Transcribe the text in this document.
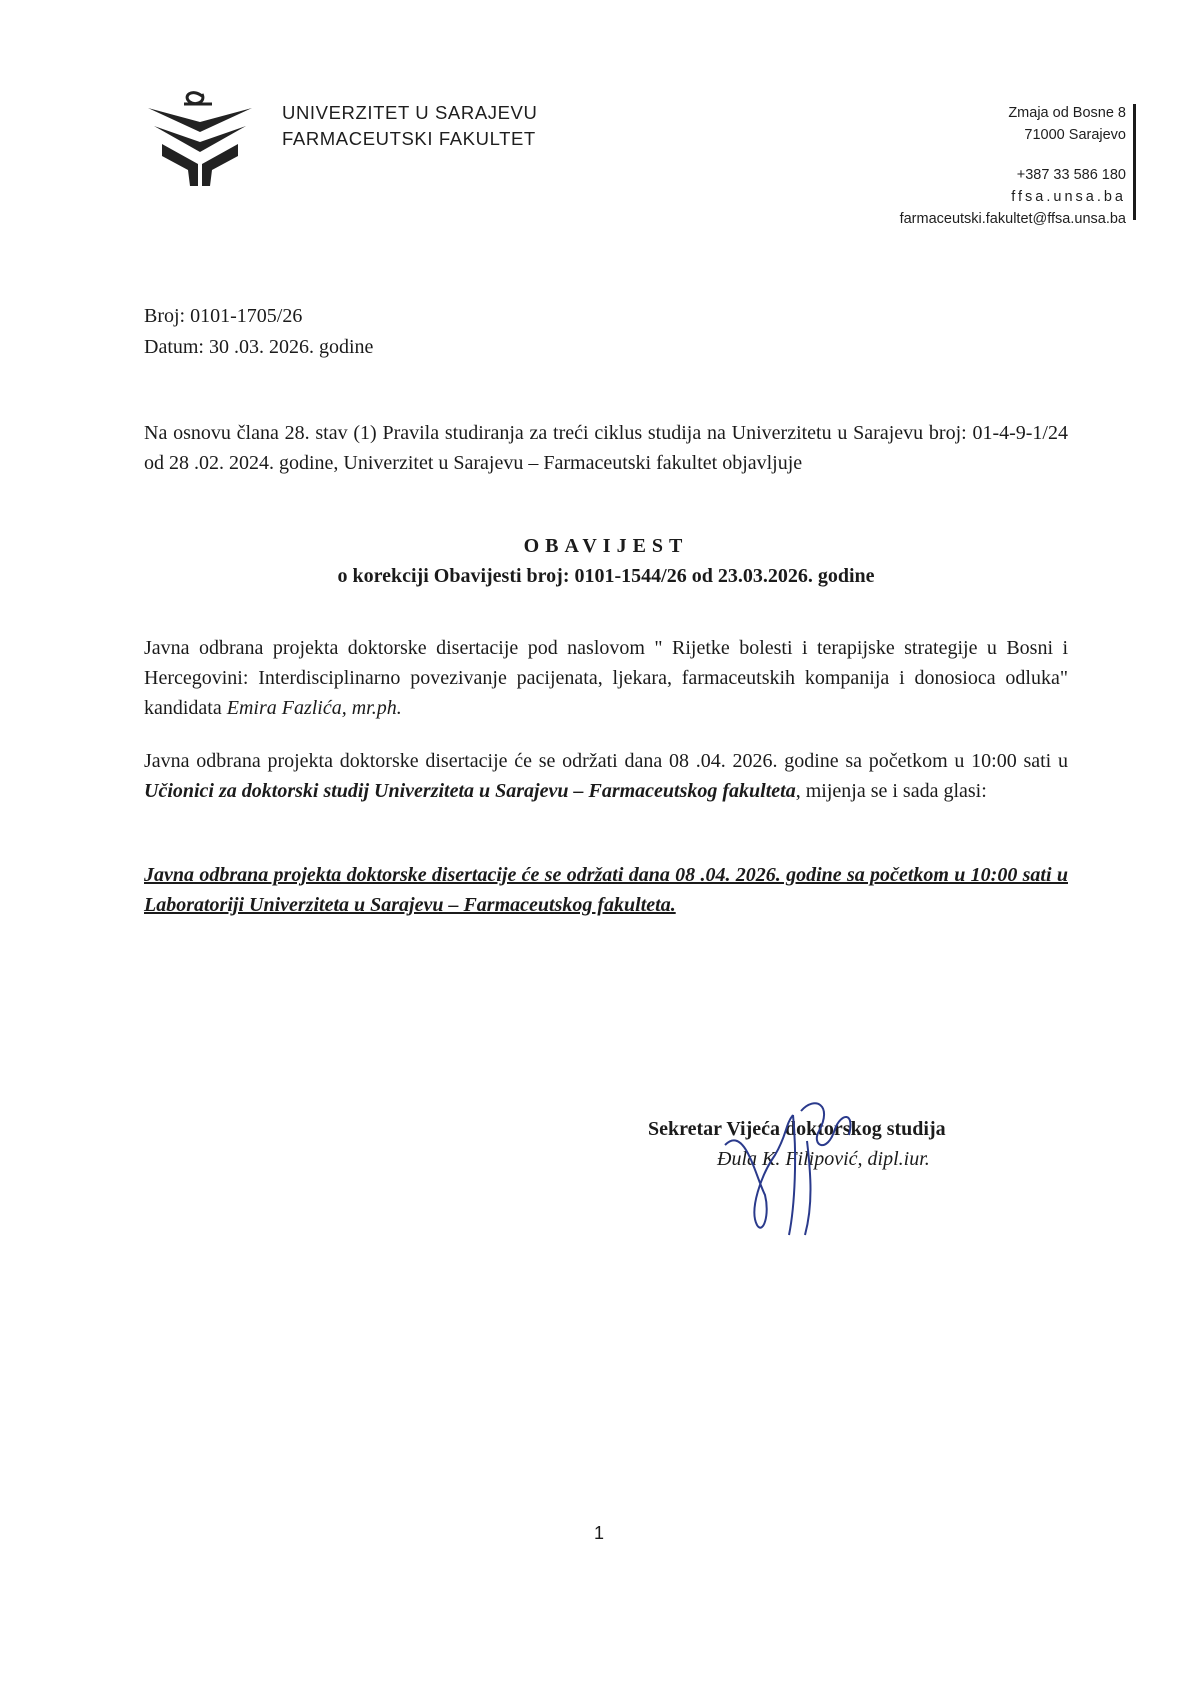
UNIVERZITET U SARAJEVU
FARMACEUTSKI FAKULTET
Zmaja od Bosne 8
71000 Sarajevo
+387 33 586 180
ffsa.unsa.ba
farmaceutski.fakultet@ffsa.unsa.ba
Broj: 0101-1705/26
Datum: 30 .03. 2026. godine
Na osnovu člana 28. stav (1) Pravila studiranja za treći ciklus studija na Univerzitetu u Sarajevu broj: 01-4-9-1/24 od 28 .02. 2024. godine, Univerzitet u Sarajevu – Farmaceutski fakultet objavljuje
OBAVIJEST
o korekciji Obavijesti broj: 0101-1544/26 od 23.03.2026. godine
Javna odbrana projekta doktorske disertacije pod naslovom " Rijetke bolesti i terapijske strategije u Bosni i Hercegovini: Interdisciplinarno povezivanje pacijenata, ljekara, farmaceutskih kompanija i donosioca odluka" kandidata Emira Fazlića, mr.ph.
Javna odbrana projekta doktorske disertacije će se održati dana 08 .04. 2026. godine sa početkom u 10:00 sati u Učionici za doktorski studij Univerziteta u Sarajevu – Farmaceutskog fakulteta, mijenja se i sada glasi:
Javna odbrana projekta doktorske disertacije će se održati dana 08 .04. 2026. godine sa početkom u 10:00 sati u Laboratoriji Univerziteta u Sarajevu – Farmaceutskog fakulteta.
Sekretar Vijeća doktorskog studija
Đula K. Filipović, dipl.iur.
1
